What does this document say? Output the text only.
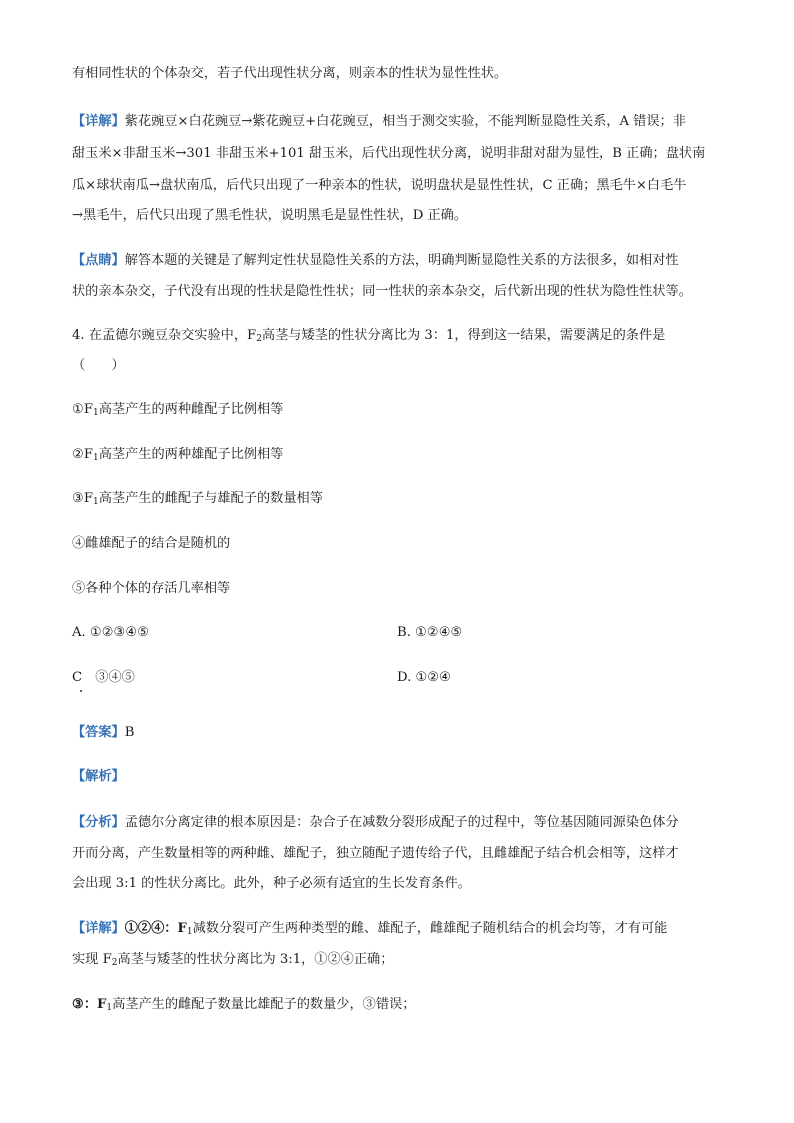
有相同性状的个体杂交，若子代出现性状分离，则亲本的性状为显性性状。
【详解】紫花豌豆×白花豌豆→紫花豌豆+白花豌豆，相当于测交实验，不能判断显隐性关系，A 错误；非
甜玉米×非甜玉米→301 非甜玉米+101 甜玉米，后代出现性状分离，说明非甜对甜为显性，B 正确；盘状南
瓜×球状南瓜→盘状南瓜，后代只出现了一种亲本的性状，说明盘状是显性性状，C 正确；黑毛牛×白毛牛
→黑毛牛，后代只出现了黑毛性状，说明黑毛是显性性状，D 正确。
【点睛】解答本题的关键是了解判定性状显隐性关系的方法，明确判断显隐性关系的方法很多，如相对性
状的亲本杂交，子代没有出现的性状是隐性性状；同一性状的亲本杂交，后代新出现的性状为隐性性状等。
4. 在孟德尔豌豆杂交实验中，$F_2$高茎与矮茎的性状分离比为 3：1，得到这一结果，需要满足的条件是
（　　）
$①F_1$高茎产生的两种雌配子比例相等
$②F_1$高茎产生的两种雄配子比例相等
$③F_1$高茎产生的雌配子与雄配子的数量相等
④雌雄配子的结合是随机的
⑤各种个体的存活几率相等
A. ①②③④⑤	B. ①②④⑤
C　③④⑤	D. ①②④
【答案】B
【解析】
【分析】孟德尔分离定律的根本原因是：杂合子在减数分裂形成配子的过程中，等位基因随同源染色体分
开而分离，产生数量相等的两种雌、雄配子，独立随配子遗传给子代，且雌雄配子结合机会相等，这样才
会出现 3:1 的性状分离比。此外，种子必须有适宜的生长发育条件。
【详解】①②④：$F_1$减数分裂可产生两种类型的雌、雄配子，雌雄配子随机结合的机会均等，才有可能
实现 $F_2$高茎与矮茎的性状分离比为 3:1，①②④正确；
③：$F_1$高茎产生的雌配子数量比雄配子的数量少，③错误；
